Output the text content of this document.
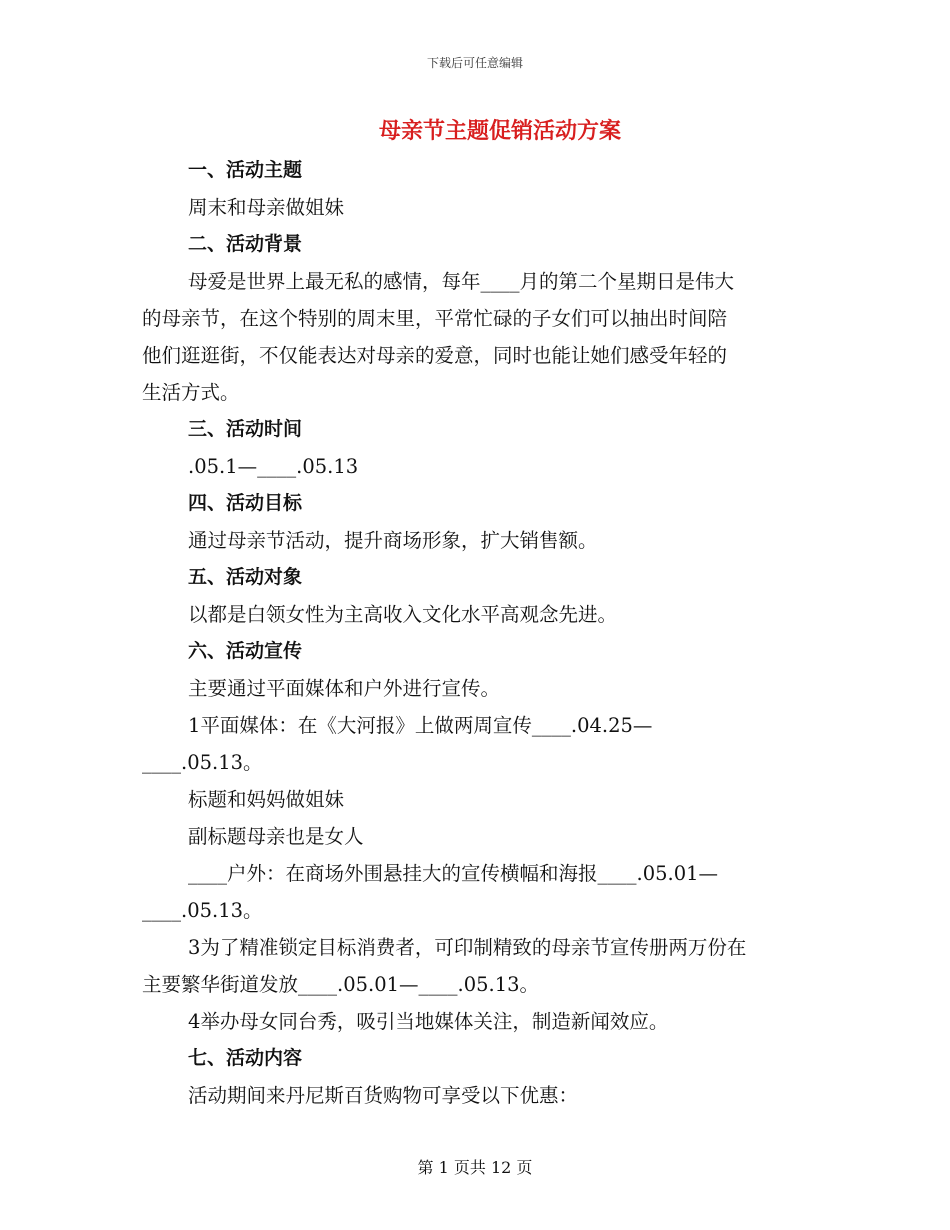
下载后可任意编辑
母亲节主题促销活动方案
一、活动主题
周末和母亲做姐妹
二、活动背景
母爱是世界上最无私的感情，每年____月的第二个星期日是伟大
的母亲节，在这个特别的周末里，平常忙碌的子女们可以抽出时间陪
他们逛逛街，不仅能表达对母亲的爱意，同时也能让她们感受年轻的
生活方式。
三、活动时间
.05.1—____.05.13
四、活动目标
通过母亲节活动，提升商场形象，扩大销售额。
五、活动对象
以都是白领女性为主高收入文化水平高观念先进。
六、活动宣传
主要通过平面媒体和户外进行宣传。
1平面媒体：在《大河报》上做两周宣传____.04.25—
____.05.13。
标题和妈妈做姐妹
副标题母亲也是女人
____户外：在商场外围悬挂大的宣传横幅和海报____.05.01—
____.05.13。
3为了精准锁定目标消费者，可印制精致的母亲节宣传册两万份在
主要繁华街道发放____.05.01—____.05.13。
4举办母女同台秀，吸引当地媒体关注，制造新闻效应。
七、活动内容
活动期间来丹尼斯百货购物可享受以下优惠：
第 1 页共 12 页
